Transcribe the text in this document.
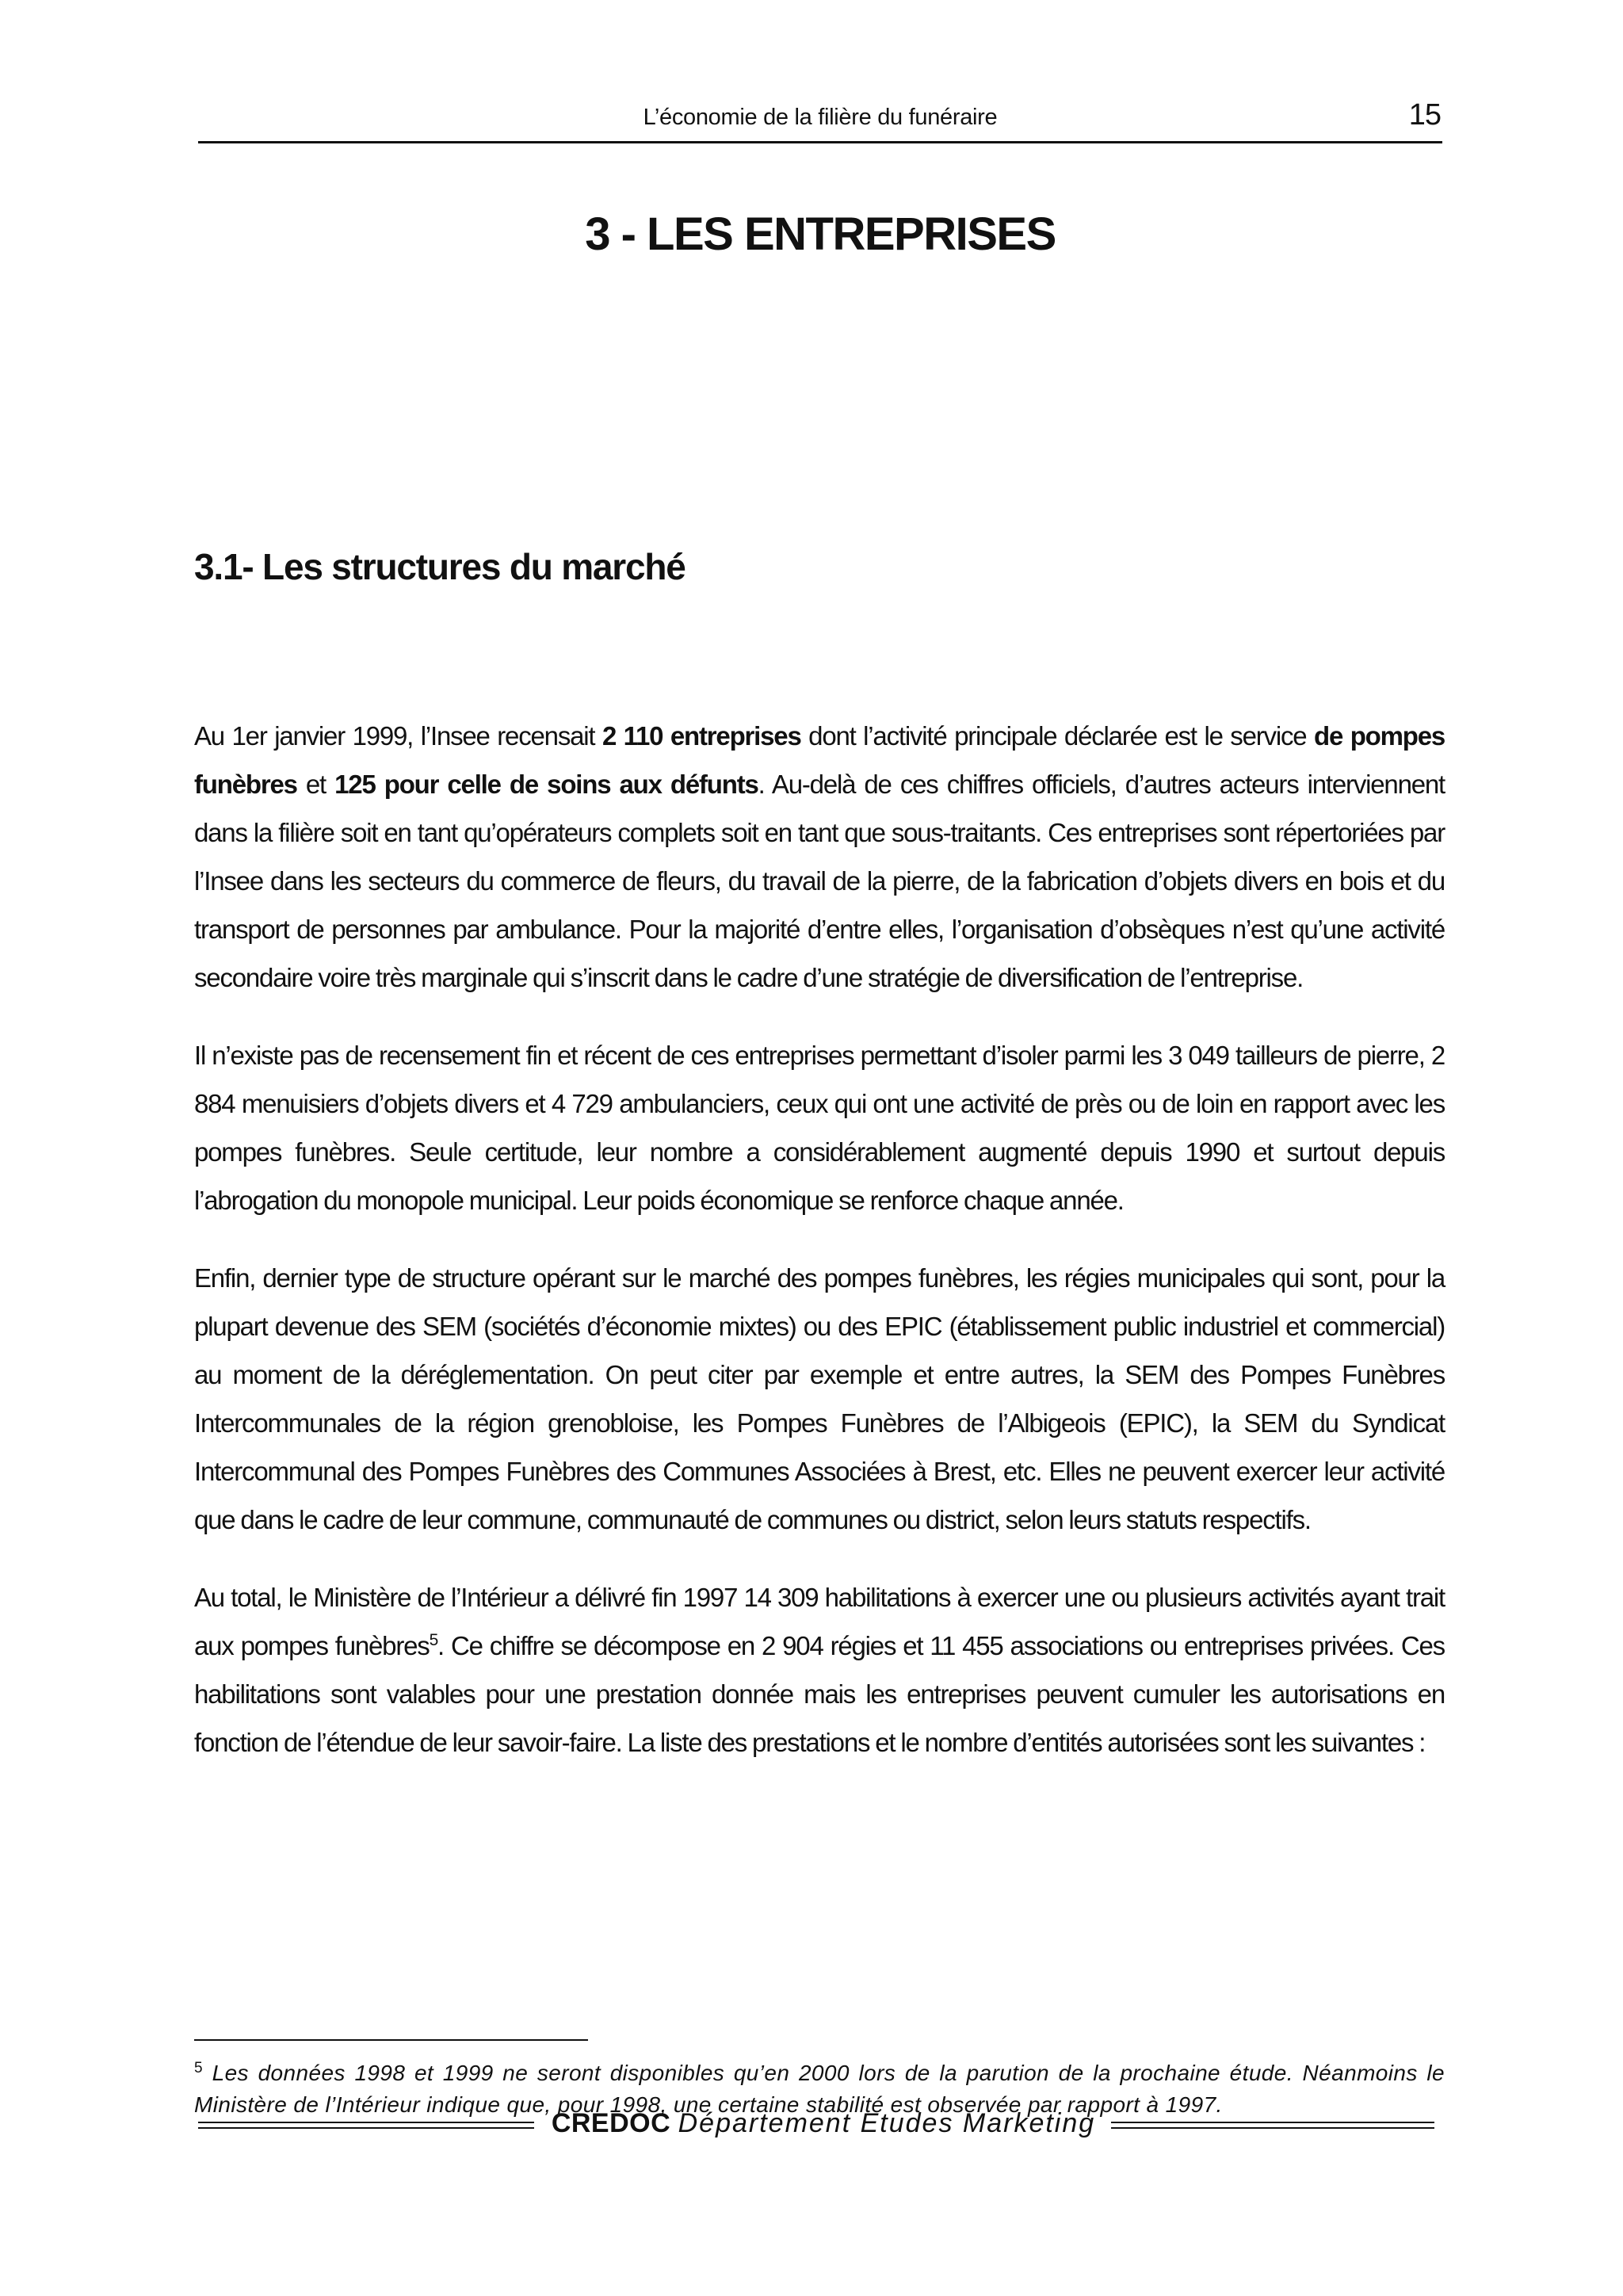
L’économie de la filière du funéraire	15
3 - LES ENTREPRISES
3.1- Les structures du marché

Au 1er janvier 1999, l’Insee recensait 2 110 entreprises dont l’activité principale déclarée est le service de pompes funèbres et 125 pour celle de soins aux défunts. Au-delà de ces chiffres officiels, d’autres acteurs interviennent dans la filière soit en tant qu’opérateurs complets soit en tant que sous-traitants. Ces entreprises sont répertoriées par l’Insee dans les secteurs du commerce de fleurs, du travail de la pierre, de la fabrication d’objets divers en bois et du transport de personnes par ambulance. Pour la majorité d’entre elles, l’organisation d’obsèques n’est qu’une activité secondaire voire très marginale qui s’inscrit dans le cadre d’une stratégie de diversification de l’entreprise.

Il n’existe pas de recensement fin et récent de ces entreprises permettant d’isoler parmi les 3 049 tailleurs de pierre, 2 884 menuisiers d’objets divers et 4 729 ambulanciers, ceux qui ont une activité de près ou de loin en rapport avec les pompes funèbres. Seule certitude, leur nombre a considérablement augmenté depuis 1990 et surtout depuis l’abrogation du monopole municipal. Leur poids économique se renforce chaque année.

Enfin, dernier type de structure opérant sur le marché des pompes funèbres, les régies municipales qui sont, pour la plupart devenue des SEM (sociétés d’économie mixtes) ou des EPIC (établissement public industriel et commercial) au moment de la déréglementation. On peut citer par exemple et entre autres, la SEM des Pompes Funèbres Intercommunales de la région grenobloise, les Pompes Funèbres de l’Albigeois (EPIC), la SEM du Syndicat Intercommunal des Pompes Funèbres des Communes Associées à Brest, etc. Elles ne peuvent exercer leur activité que dans le cadre de leur commune, communauté de communes ou district, selon leurs statuts respectifs.

Au total, le Ministère de l’Intérieur a délivré fin 1997 14 309 habilitations à exercer une ou plusieurs activités ayant trait aux pompes funèbres$^5$. Ce chiffre se décompose en 2 904 régies et 11 455 associations ou entreprises privées. Ces habilitations sont valables pour une prestation donnée mais les entreprises peuvent cumuler les autorisations en fonction de l’étendue de leur savoir-faire. La liste des prestations et le nombre d’entités autorisées sont les suivantes :

$^5$ Les données 1998 et 1999 ne seront disponibles qu’en 2000 lors de la parution de la prochaine étude. Néanmoins le Ministère de l’Intérieur indique que, pour 1998, une certaine stabilité est observée par rapport à 1997.

CREDOC Département Etudes Marketing
